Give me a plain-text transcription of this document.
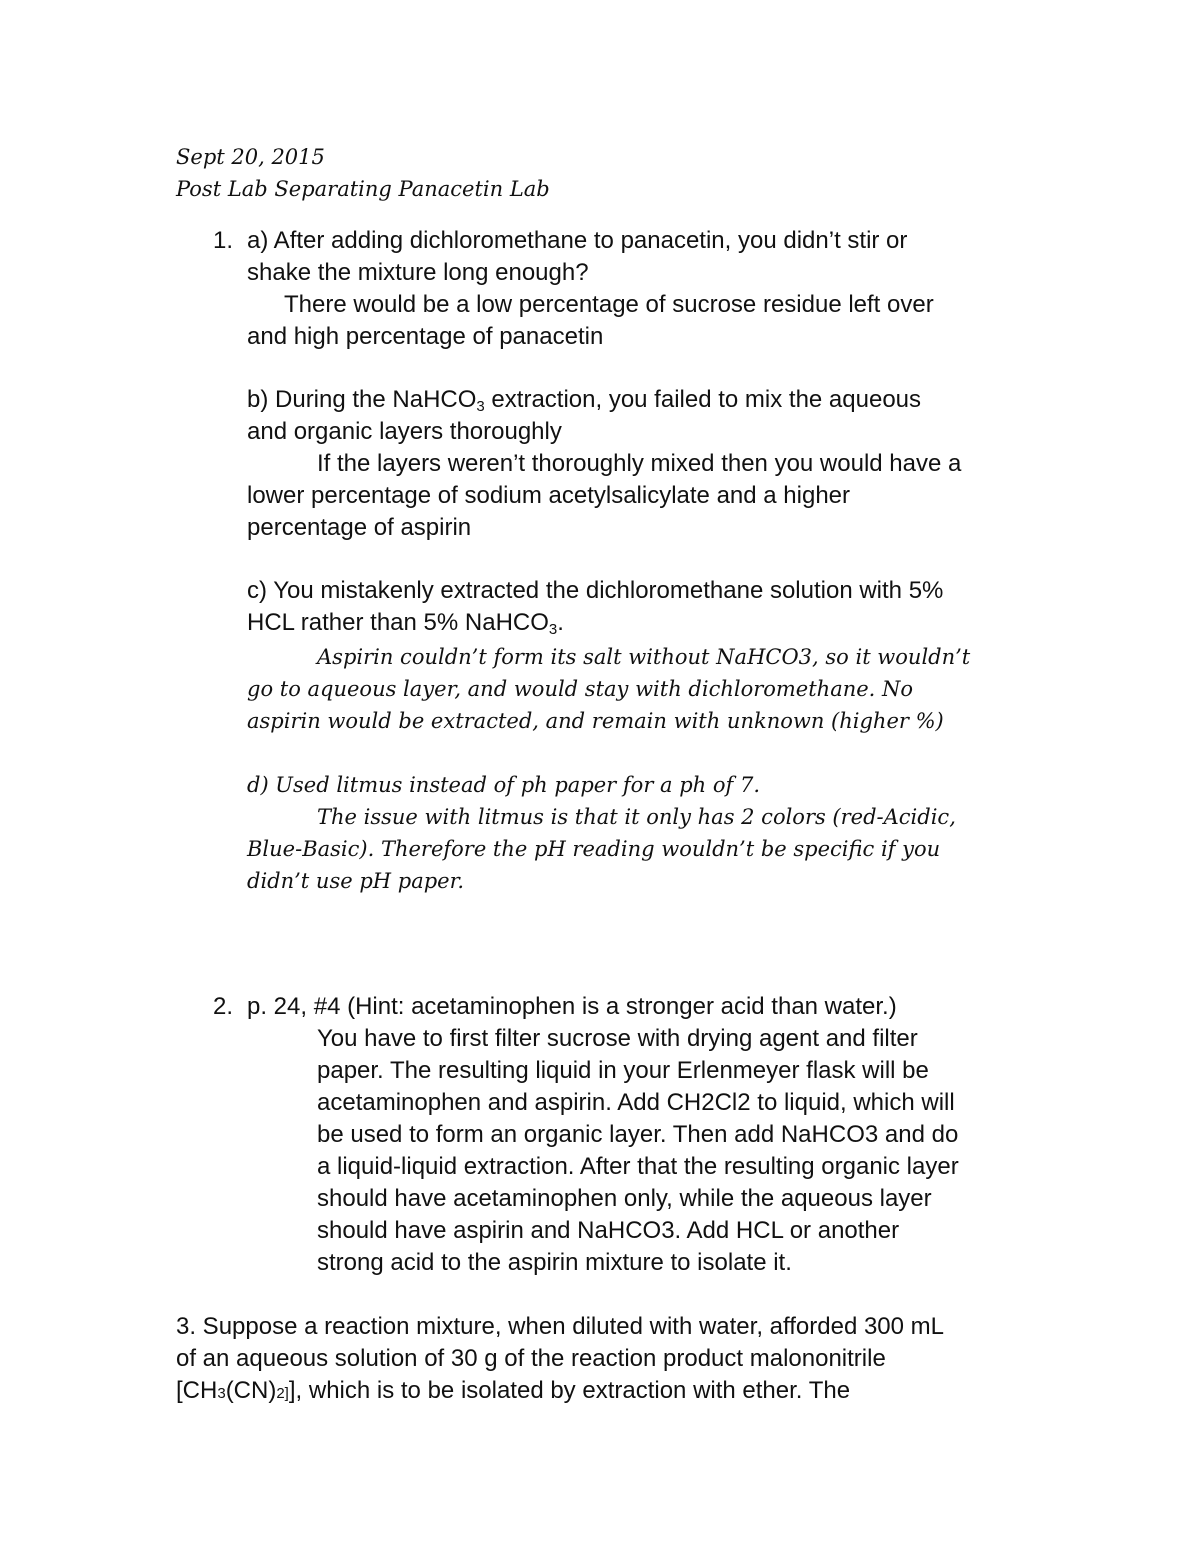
Sept 20, 2015
Post Lab Separating Panacetin Lab
1. a) After adding dichloromethane to panacetin, you didn’t stir or
shake the mixture long enough?
There would be a low percentage of sucrose residue left over
and high percentage of panacetin
b) During the NaHCO$_3$ extraction, you failed to mix the aqueous
and organic layers thoroughly
If the layers weren’t thoroughly mixed then you would have a
lower percentage of sodium acetylsalicylate and a higher
percentage of aspirin
c) You mistakenly extracted the dichloromethane solution with 5%
HCL rather than 5% NaHCO$_3$.
Aspirin couldn’t form its salt without NaHCO3, so it wouldn’t
go to aqueous layer, and would stay with dichloromethane. No
aspirin would be extracted, and remain with unknown (higher %)
d) Used litmus instead of ph paper for a ph of 7.
The issue with litmus is that it only has 2 colors (red-Acidic,
Blue-Basic). Therefore the pH reading wouldn’t be specific if you
didn’t use pH paper.
2. p. 24, #4 (Hint: acetaminophen is a stronger acid than water.)
You have to first filter sucrose with drying agent and filter
paper. The resulting liquid in your Erlenmeyer flask will be
acetaminophen and aspirin. Add CH2Cl2 to liquid, which will
be used to form an organic layer. Then add NaHCO3 and do
a liquid-liquid extraction. After that the resulting organic layer
should have acetaminophen only, while the aqueous layer
should have aspirin and NaHCO3. Add HCL or another
strong acid to the aspirin mixture to isolate it.
3. Suppose a reaction mixture, when diluted with water, afforded 300 mL
of an aqueous solution of 30 g of the reaction product malononitrile
[CH3(CN)2]], which is to be isolated by extraction with ether. The
